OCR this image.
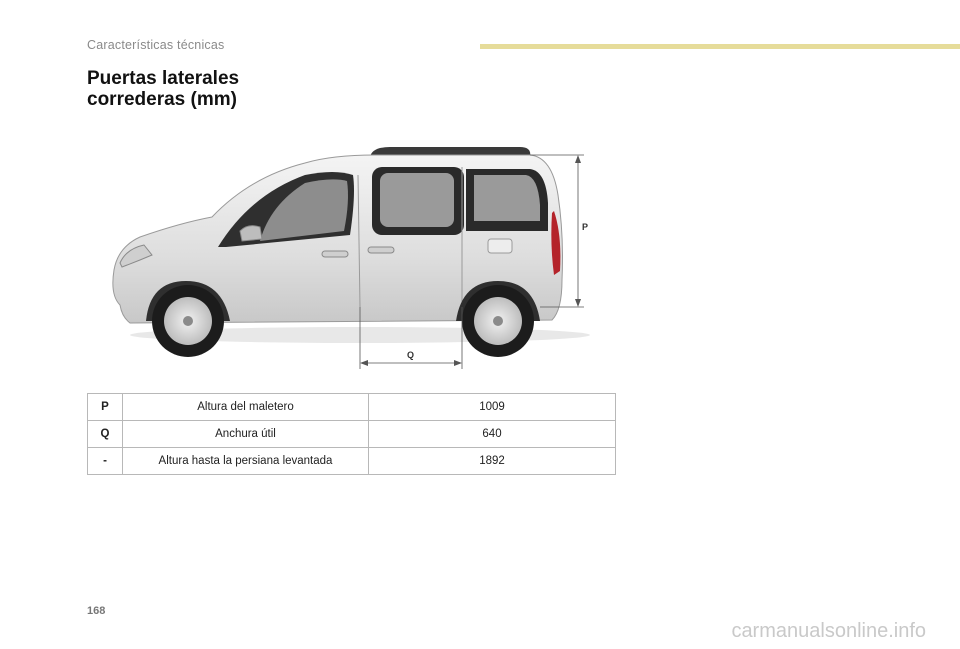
Características técnicas
Puertas laterales
correderas (mm)
P
Q
P	Altura del maletero	1009
Q	Anchura útil	640
-	Altura hasta la persiana levantada	1892
168
carmanualsonline.info
